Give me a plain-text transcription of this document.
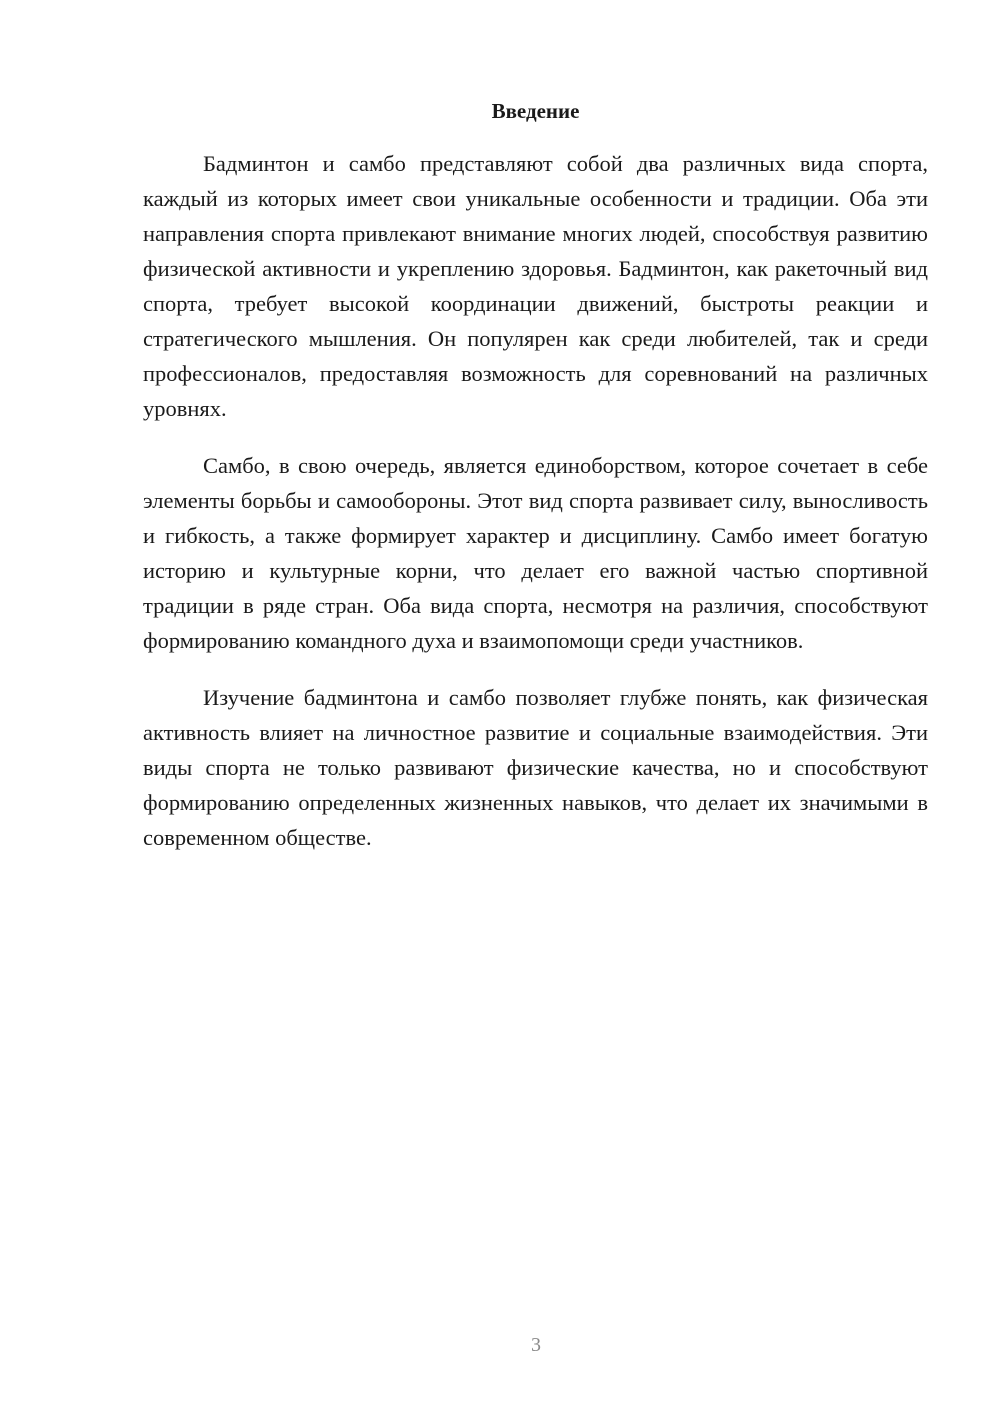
Введение

Бадминтон и самбо представляют собой два различных вида спорта, каждый из которых имеет свои уникальные особенности и традиции. Оба эти направления спорта привлекают внимание многих людей, способствуя развитию физической активности и укреплению здоровья. Бадминтон, как ракеточный вид спорта, требует высокой координации движений, быстроты реакции и стратегического мышления. Он популярен как среди любителей, так и среди профессионалов, предоставляя возможность для соревнований на различных уровнях.

Самбо, в свою очередь, является единоборством, которое сочетает в себе элементы борьбы и самообороны. Этот вид спорта развивает силу, выносливость и гибкость, а также формирует характер и дисциплину. Самбо имеет богатую историю и культурные корни, что делает его важной частью спортивной традиции в ряде стран. Оба вида спорта, несмотря на различия, способствуют формированию командного духа и взаимопомощи среди участников.

Изучение бадминтона и самбо позволяет глубже понять, как физическая активность влияет на личностное развитие и социальные взаимодействия. Эти виды спорта не только развивают физические качества, но и способствуют формированию определенных жизненных навыков, что делает их значимыми в современном обществе.

3
